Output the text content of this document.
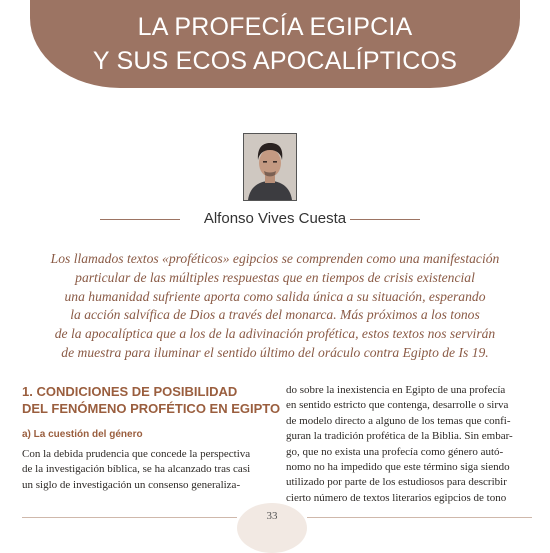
LA PROFECÍA EGIPCIA
Y SUS ECOS APOCALÍPTICOS
Alfonso Vives Cuesta

Los llamados textos «proféticos» egipcios se comprenden como una manifestación
particular de las múltiples respuestas que en tiempos de crisis existencial
una humanidad sufriente aporta como salida única a su situación, esperando
la acción salvífica de Dios a través del monarca. Más próximos a los tonos
de la apocalíptica que a los de la adivinación profética, estos textos nos servirán
de muestra para iluminar el sentido último del oráculo contra Egipto de Is 19.

1. CONDICIONES DE POSIBILIDAD
DEL FENÓMENO PROFÉTICO EN EGIPTO
a) La cuestión del género

Con la debida prudencia que concede la perspectiva
de la investigación bíblica, se ha alcanzado tras casi
un siglo de investigación un consenso generaliza-

do sobre la inexistencia en Egipto de una profecía
en sentido estricto que contenga, desarrolle o sirva
de modelo directo a alguno de los temas que confi-
guran la tradición profética de la Biblia. Sin embar-
go, que no exista una profecía como género autó-
nomo no ha impedido que este término siga siendo
utilizado por parte de los estudiosos para describir
cierto número de textos literarios egipcios de tono

33
